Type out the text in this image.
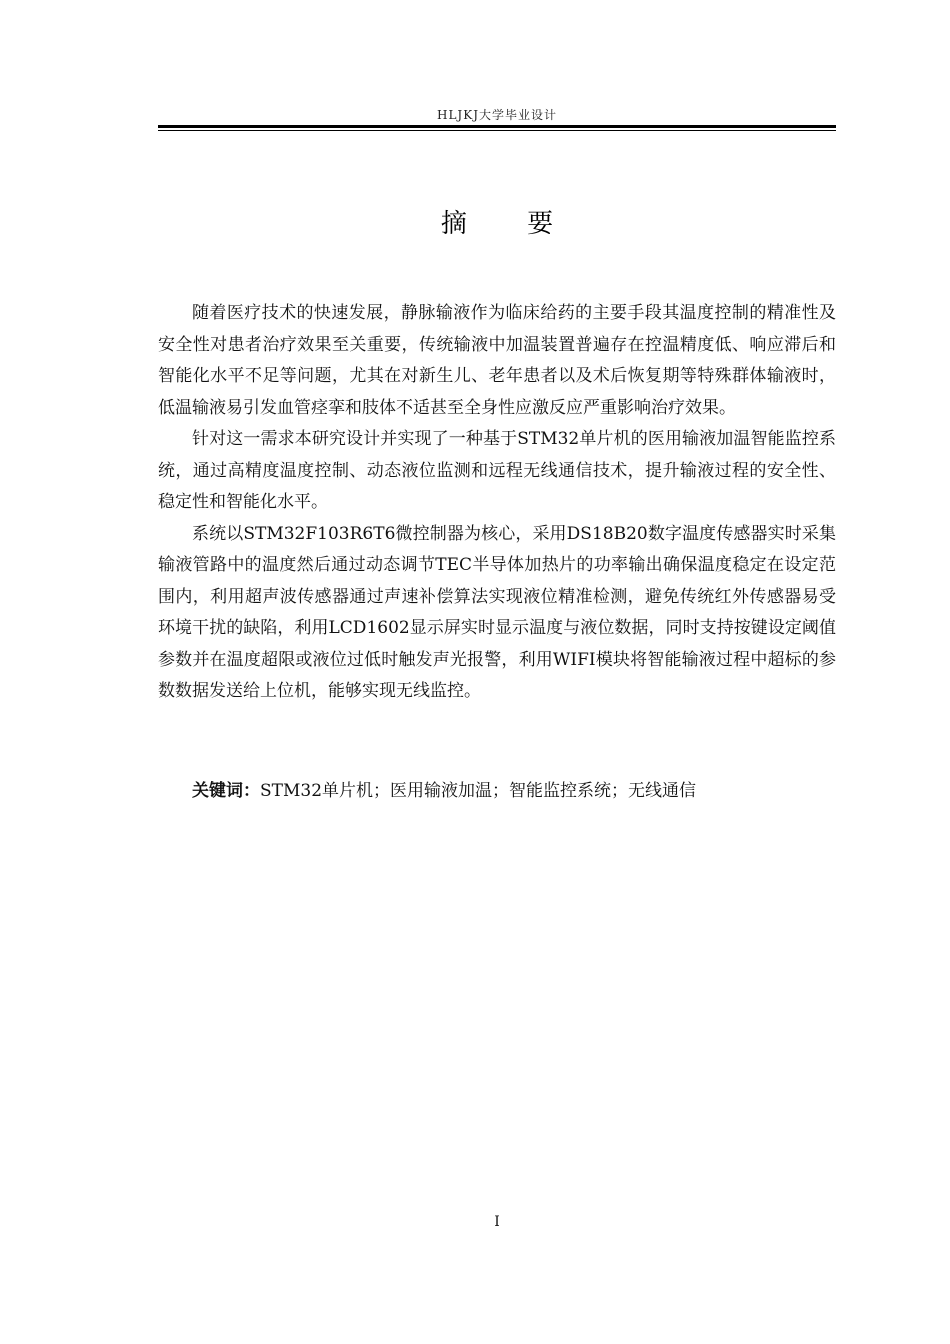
HLJKJ大学毕业设计
摘 要

随着医疗技术的快速发展，静脉输液作为临床给药的主要手段其温度控制的精准性及安全性对患者治疗效果至关重要，传统输液中加温装置普遍存在控温精度低、响应滞后和智能化水平不足等问题，尤其在对新生儿、老年患者以及术后恢复期等特殊群体输液时，低温输液易引发血管痉挛和肢体不适甚至全身性应激反应严重影响治疗效果。

针对这一需求本研究设计并实现了一种基于STM32单片机的医用输液加温智能监控系统，通过高精度温度控制、动态液位监测和远程无线通信技术，提升输液过程的安全性、稳定性和智能化水平。

系统以STM32F103R6T6微控制器为核心，采用DS18B20数字温度传感器实时采集输液管路中的温度然后通过动态调节TEC半导体加热片的功率输出确保温度稳定在设定范围内，利用超声波传感器通过声速补偿算法实现液位精准检测，避免传统红外传感器易受环境干扰的缺陷，利用LCD1602显示屏实时显示温度与液位数据，同时支持按键设定阈值参数并在温度超限或液位过低时触发声光报警，利用WIFI模块将智能输液过程中超标的参数数据发送给上位机，能够实现无线监控。

关键词：STM32单片机；医用输液加温；智能监控系统；无线通信
I
